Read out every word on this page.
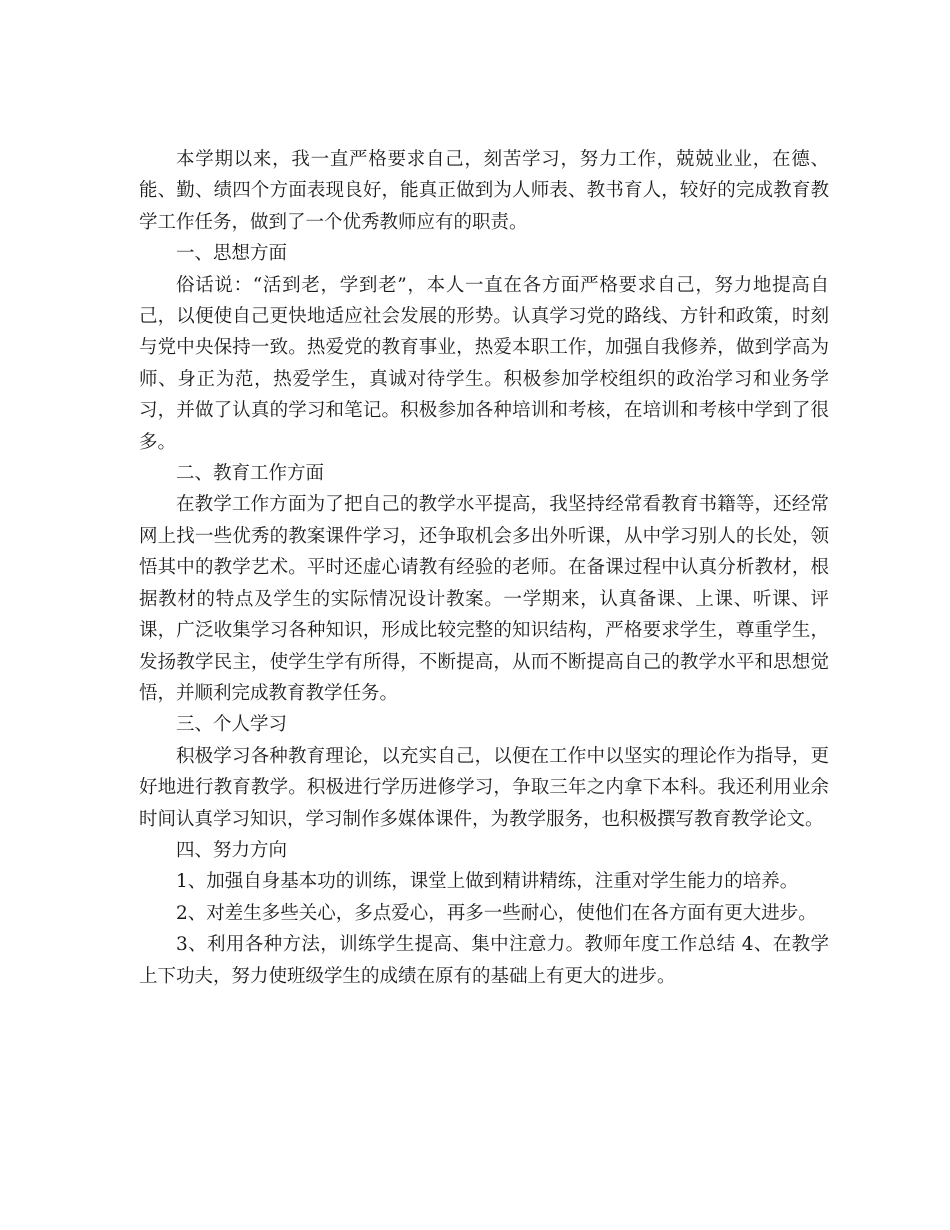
本学期以来，我一直严格要求自己，刻苦学习，努力工作，兢兢业业，在德、能、勤、绩四个方面表现良好，能真正做到为人师表、教书育人，较好的完成教育教学工作任务，做到了一个优秀教师应有的职责。

一、思想方面

俗话说：“活到老，学到老”，本人一直在各方面严格要求自己，努力地提高自己，以便使自己更快地适应社会发展的形势。认真学习党的路线、方针和政策，时刻与党中央保持一致。热爱党的教育事业，热爱本职工作，加强自我修养，做到学高为师、身正为范，热爱学生，真诚对待学生。积极参加学校组织的政治学习和业务学习，并做了认真的学习和笔记。积极参加各种培训和考核，在培训和考核中学到了很多。

二、教育工作方面

在教学工作方面为了把自己的教学水平提高，我坚持经常看教育书籍等，还经常网上找一些优秀的教案课件学习，还争取机会多出外听课，从中学习别人的长处，领悟其中的教学艺术。平时还虚心请教有经验的老师。在备课过程中认真分析教材，根据教材的特点及学生的实际情况设计教案。一学期来，认真备课、上课、听课、评课，广泛收集学习各种知识，形成比较完整的知识结构，严格要求学生，尊重学生，发扬教学民主，使学生学有所得，不断提高，从而不断提高自己的教学水平和思想觉悟，并顺利完成教育教学任务。

三、个人学习

积极学习各种教育理论，以充实自己，以便在工作中以坚实的理论作为指导，更好地进行教育教学。积极进行学历进修学习，争取三年之内拿下本科。我还利用业余时间认真学习知识，学习制作多媒体课件，为教学服务，也积极撰写教育教学论文。

四、努力方向

1、加强自身基本功的训练，课堂上做到精讲精练，注重对学生能力的培养。

2、对差生多些关心，多点爱心，再多一些耐心，使他们在各方面有更大进步。

3、利用各种方法，训练学生提高、集中注意力。教师年度工作总结 4、在教学上下功夫，努力使班级学生的成绩在原有的基础上有更大的进步。
